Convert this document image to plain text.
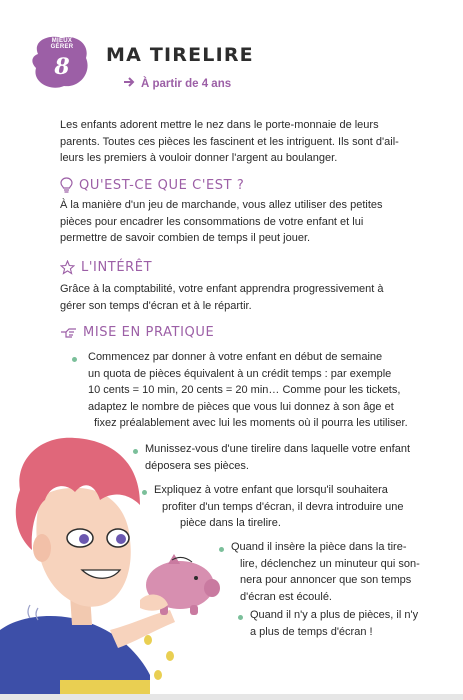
MIEUX GÉRER
8 MA TIRELIRE
À partir de 4 ans
Les enfants adorent mettre le nez dans le porte-monnaie de leurs
parents. Toutes ces pièces les fascinent et les intriguent. Ils sont d'ail-
leurs les premiers à vouloir donner l'argent au boulanger.
QU'EST-CE QUE C'EST ?
À la manière d'un jeu de marchande, vous allez utiliser des petites
pièces pour encadrer les consommations de votre enfant et lui
permettre de savoir combien de temps il peut jouer.
L'INTÉRÊT
Grâce à la comptabilité, votre enfant apprendra progressivement à
gérer son temps d'écran et à le répartir.
MISE EN PRATIQUE
Commencez par donner à votre enfant en début de semaine
un quota de pièces équivalent à un crédit temps : par exemple
10 cents = 10 min, 20 cents = 20 min… Comme pour les tickets,
adaptez le nombre de pièces que vous lui donnez à son âge et
fixez préalablement avec lui les moments où il pourra les utiliser.
Munissez-vous d'une tirelire dans laquelle votre enfant
déposera ses pièces.
Expliquez à votre enfant que lorsqu'il souhaitera
profiter d'un temps d'écran, il devra introduire une
pièce dans la tirelire.
Quand il insère la pièce dans la tire-
lire, déclenchez un minuteur qui son-
nera pour annoncer que son temps
d'écran est écoulé.
Quand il n'y a plus de pièces, il n'y
a plus de temps d'écran !
